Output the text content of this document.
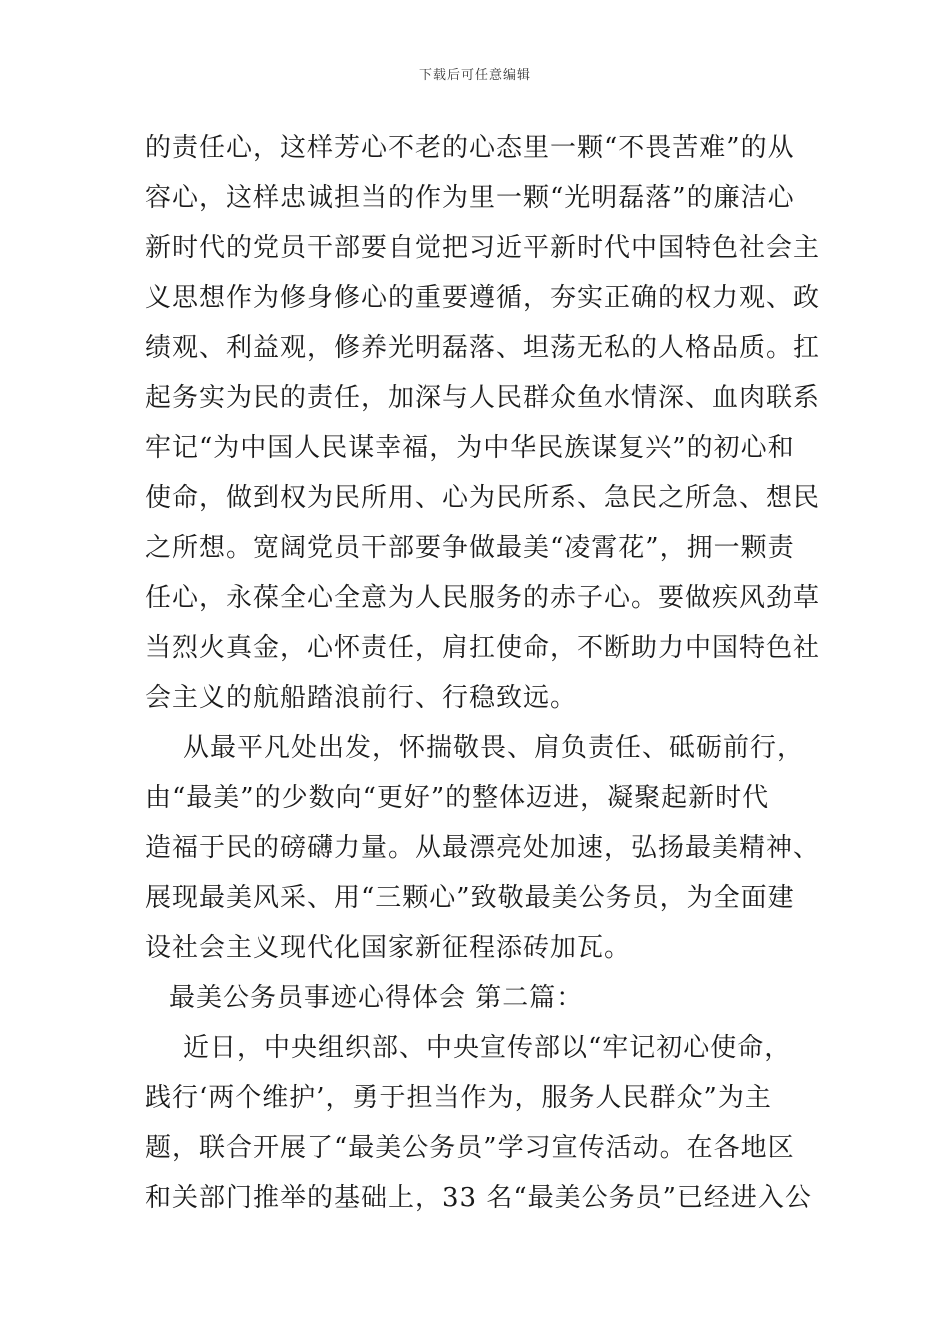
下载后可任意编辑
的责任心，这样芳心不老的心态里一颗“不畏苦难”的从
容心，这样忠诚担当的作为里一颗“光明磊落”的廉洁心
新时代的党员干部要自觉把习近平新时代中国特色社会主
义思想作为修身修心的重要遵循，夯实正确的权力观、政
绩观、利益观，修养光明磊落、坦荡无私的人格品质。扛
起务实为民的责任，加深与人民群众鱼水情深、血肉联系
牢记“为中国人民谋幸福，为中华民族谋复兴”的初心和
使命，做到权为民所用、心为民所系、急民之所急、想民
之所想。宽阔党员干部要争做最美“凌霄花”，拥一颗责
任心，永葆全心全意为人民服务的赤子心。要做疾风劲草
当烈火真金，心怀责任，肩扛使命，不断助力中国特色社
会主义的航船踏浪前行、行稳致远。
从最平凡处出发，怀揣敬畏、肩负责任、砥砺前行，
由“最美”的少数向“更好”的整体迈进，凝聚起新时代
造福于民的磅礴力量。从最漂亮处加速，弘扬最美精神、
展现最美风采、用“三颗心”致敬最美公务员，为全面建
设社会主义现代化国家新征程添砖加瓦。
最美公务员事迹心得体会 第二篇：
近日，中央组织部、中央宣传部以“牢记初心使命，
践行‘两个维护’，勇于担当作为，服务人民群众”为主
题，联合开展了“最美公务员”学习宣传活动。在各地区
和关部门推举的基础上，33 名“最美公务员”已经进入公
